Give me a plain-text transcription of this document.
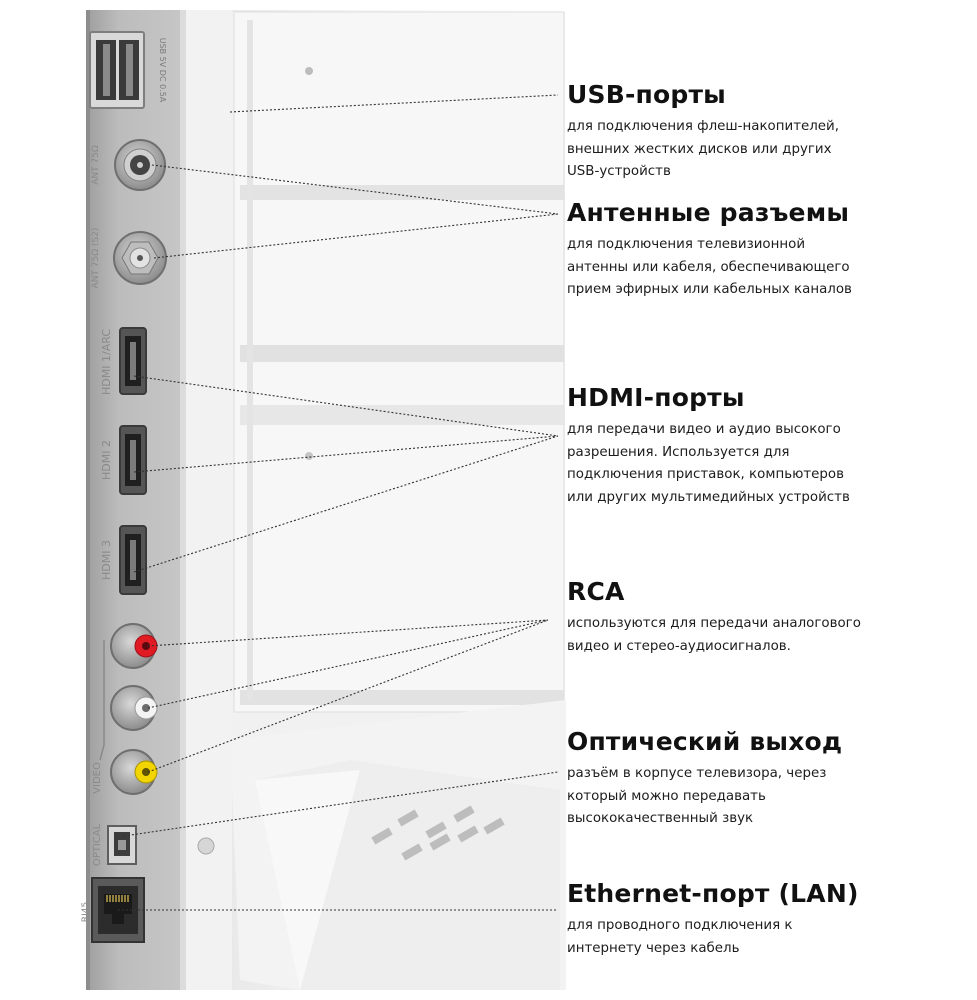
USB 5V DC 0.5A
ANT 75Ω
ANT 75Ω (S2)
HDMI 1/ARC
HDMI 2
HDMI 3
VIDEO
OPTICAL
RJ45
USB-порты

для подключения флеш-накопителей,

внешних жестких дисков или других

USB-устройств

Антенные разъемы

для подключения телевизионной

антенны или кабеля, обеспечивающего

прием эфирных или кабельных каналов

HDMI-порты

для передачи видео и аудио высокого

разрешения. Используется для

подключения приставок, компьютеров

или других мультимедийных устройств

RCA

используются для передачи аналогового

видео и стерео-аудиосигналов.

Оптический выход

разъём в корпусе телевизора, через

который можно передавать

высококачественный звук

Ethernet-порт (LAN)

для проводного подключения к

интернету через кабель
